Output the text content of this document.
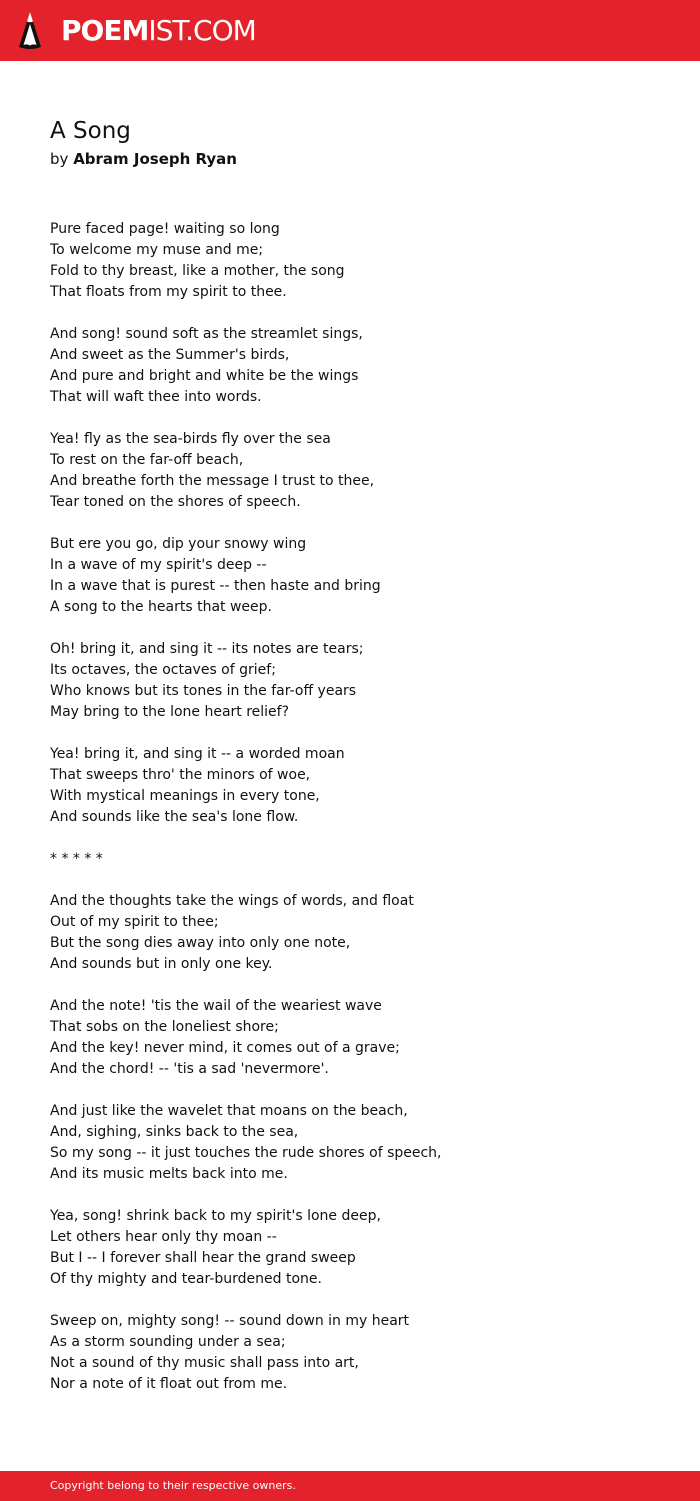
POEMIST.COM
A Song
by Abram Joseph Ryan
Pure faced page! waiting so long
To welcome my muse and me;
Fold to thy breast, like a mother, the song
That floats from my spirit to thee.
And song! sound soft as the streamlet sings,
And sweet as the Summer's birds,
And pure and bright and white be the wings
That will waft thee into words.
Yea! fly as the sea-birds fly over the sea
To rest on the far-off beach,
And breathe forth the message I trust to thee,
Tear toned on the shores of speech.
But ere you go, dip your snowy wing
In a wave of my spirit's deep --
In a wave that is purest -- then haste and bring
A song to the hearts that weep.
Oh! bring it, and sing it -- its notes are tears;
Its octaves, the octaves of grief;
Who knows but its tones in the far-off years
May bring to the lone heart relief?
Yea! bring it, and sing it -- a worded moan
That sweeps thro' the minors of woe,
With mystical meanings in every tone,
And sounds like the sea's lone flow.
* * * * *
And the thoughts take the wings of words, and float
Out of my spirit to thee;
But the song dies away into only one note,
And sounds but in only one key.
And the note! 'tis the wail of the weariest wave
That sobs on the loneliest shore;
And the key! never mind, it comes out of a grave;
And the chord! -- 'tis a sad 'nevermore'.
And just like the wavelet that moans on the beach,
And, sighing, sinks back to the sea,
So my song -- it just touches the rude shores of speech,
And its music melts back into me.
Yea, song! shrink back to my spirit's lone deep,
Let others hear only thy moan --
But I -- I forever shall hear the grand sweep
Of thy mighty and tear-burdened tone.
Sweep on, mighty song! -- sound down in my heart
As a storm sounding under a sea;
Not a sound of thy music shall pass into art,
Nor a note of it float out from me.
Copyright belong to their respective owners.
